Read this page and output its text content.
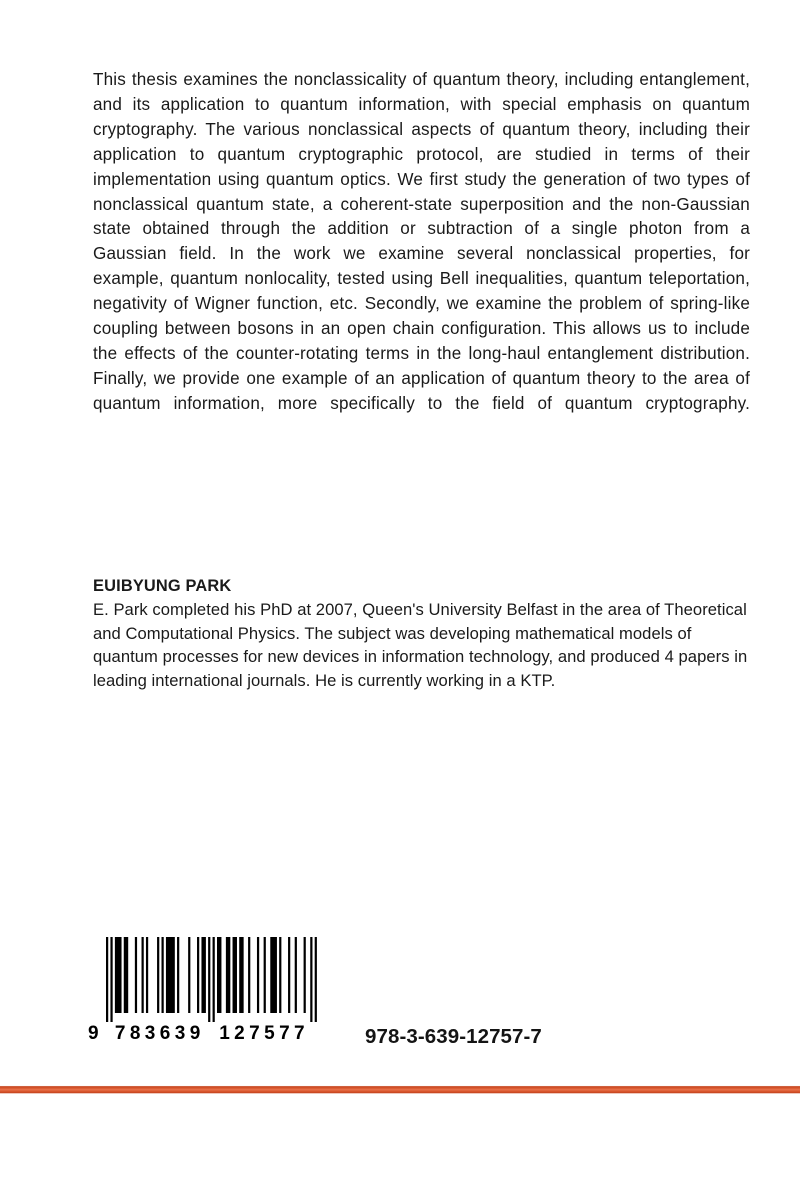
This thesis examines the nonclassicality of quantum theory, including entanglement, and its application to quantum information, with special emphasis on quantum cryptography. The various nonclassical aspects of quantum theory, including their application to quantum cryptographic protocol, are studied in terms of their implementation using quantum optics. We first study the generation of two types of nonclassical quantum state, a coherent-state superposition and the non-Gaussian state obtained through the addition or subtraction of a single photon from a Gaussian field. In the work we examine several nonclassical properties, for example, quantum nonlocality, tested using Bell inequalities, quantum teleportation, negativity of Wigner function, etc. Secondly, we examine the problem of spring-like coupling between bosons in an open chain configuration. This allows us to include the effects of the counter-rotating terms in the long-haul entanglement distribution. Finally, we provide one example of an application of quantum theory to the area of quantum information, more specifically to the field of quantum cryptography.

EUIBYUNG PARK
E. Park completed his PhD at 2007, Queen's University Belfast in the area of Theoretical and Computational Physics. The subject was developing mathematical models of quantum processes for new devices in information technology, and produced 4 papers in leading international journals. He is currently working in a KTP.
9 783639 127577	978-3-639-12757-7
